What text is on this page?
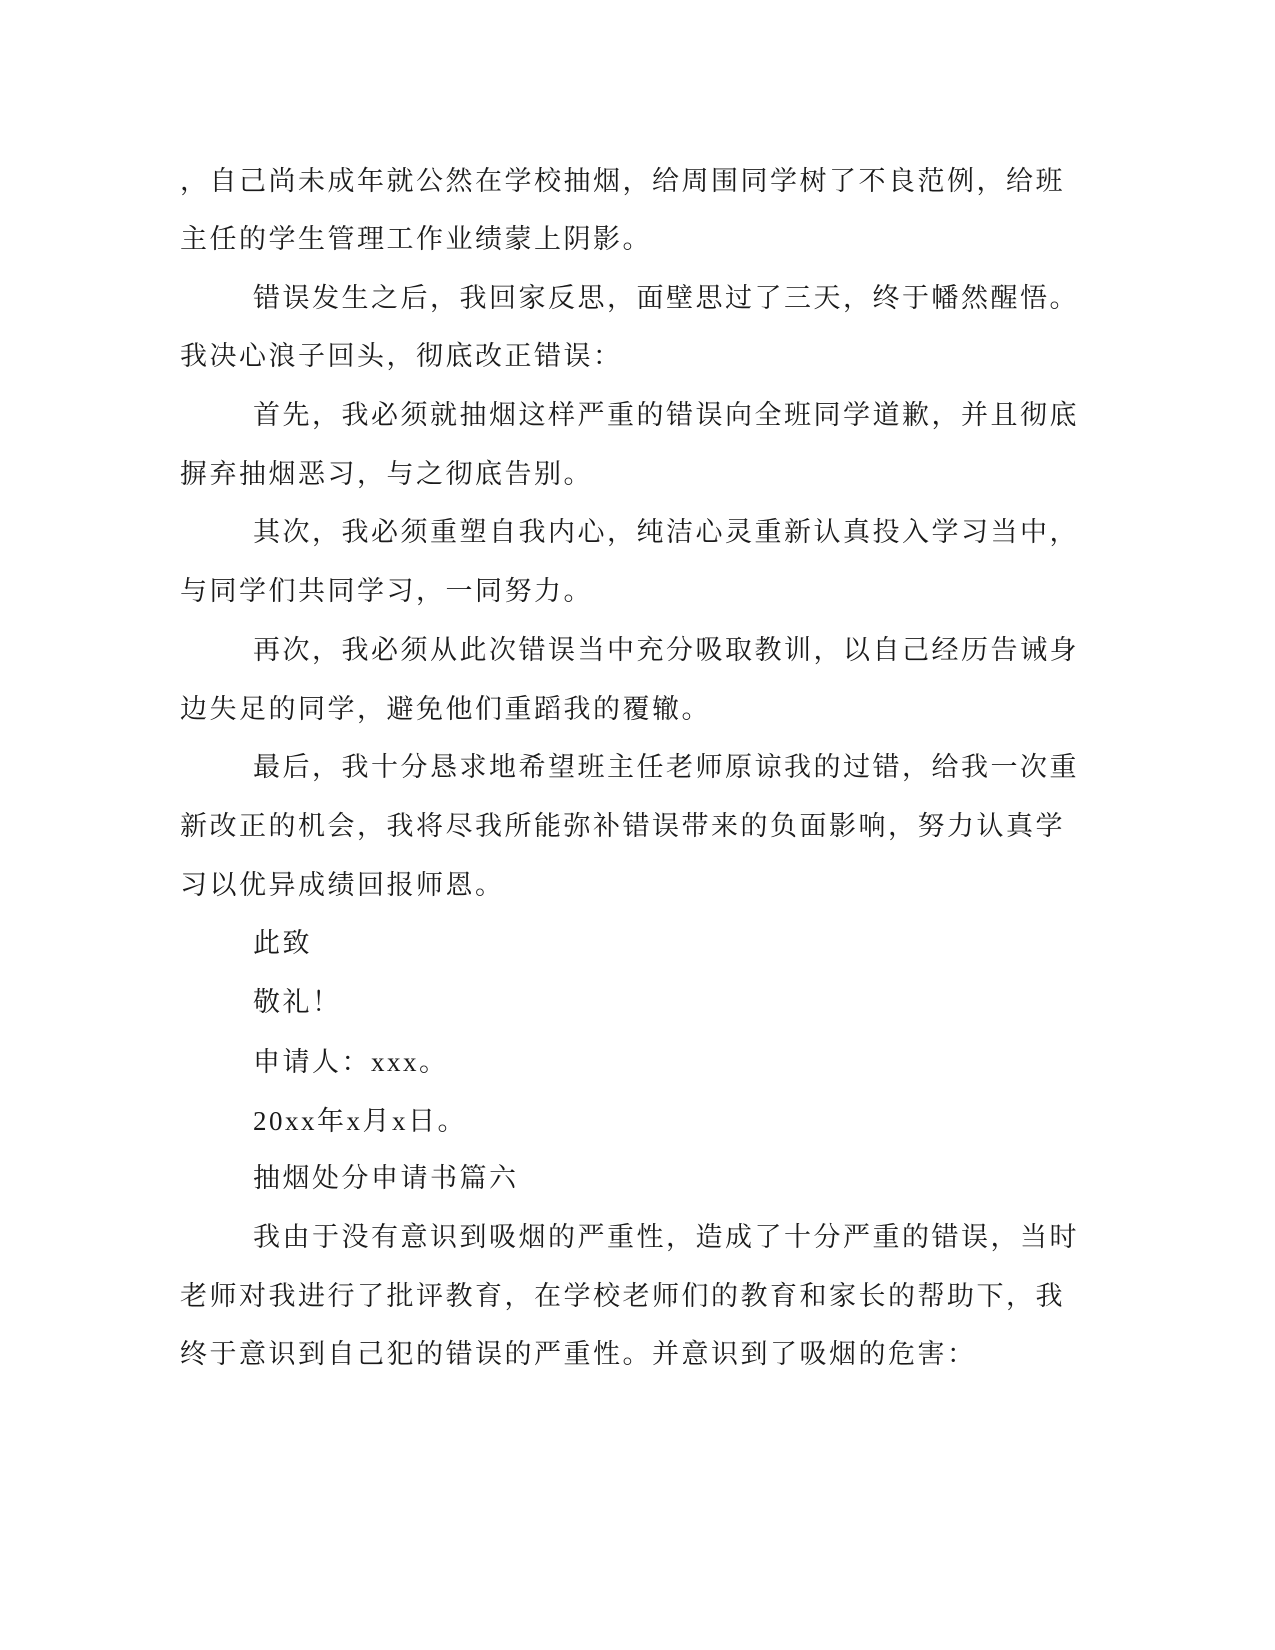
，自己尚未成年就公然在学校抽烟，给周围同学树了不良范例，给班
主任的学生管理工作业绩蒙上阴影。
错误发生之后，我回家反思，面壁思过了三天，终于幡然醒悟。
我决心浪子回头，彻底改正错误：
首先，我必须就抽烟这样严重的错误向全班同学道歉，并且彻底
摒弃抽烟恶习，与之彻底告别。
其次，我必须重塑自我内心，纯洁心灵重新认真投入学习当中，
与同学们共同学习，一同努力。
再次，我必须从此次错误当中充分吸取教训，以自己经历告诫身
边失足的同学，避免他们重蹈我的覆辙。
最后，我十分恳求地希望班主任老师原谅我的过错，给我一次重
新改正的机会，我将尽我所能弥补错误带来的负面影响，努力认真学
习以优异成绩回报师恩。
此致
敬礼！
申请人：xxx。
20xx年x月x日。
抽烟处分申请书篇六
我由于没有意识到吸烟的严重性，造成了十分严重的错误，当时
老师对我进行了批评教育，在学校老师们的教育和家长的帮助下，我
终于意识到自己犯的错误的严重性。并意识到了吸烟的危害：
